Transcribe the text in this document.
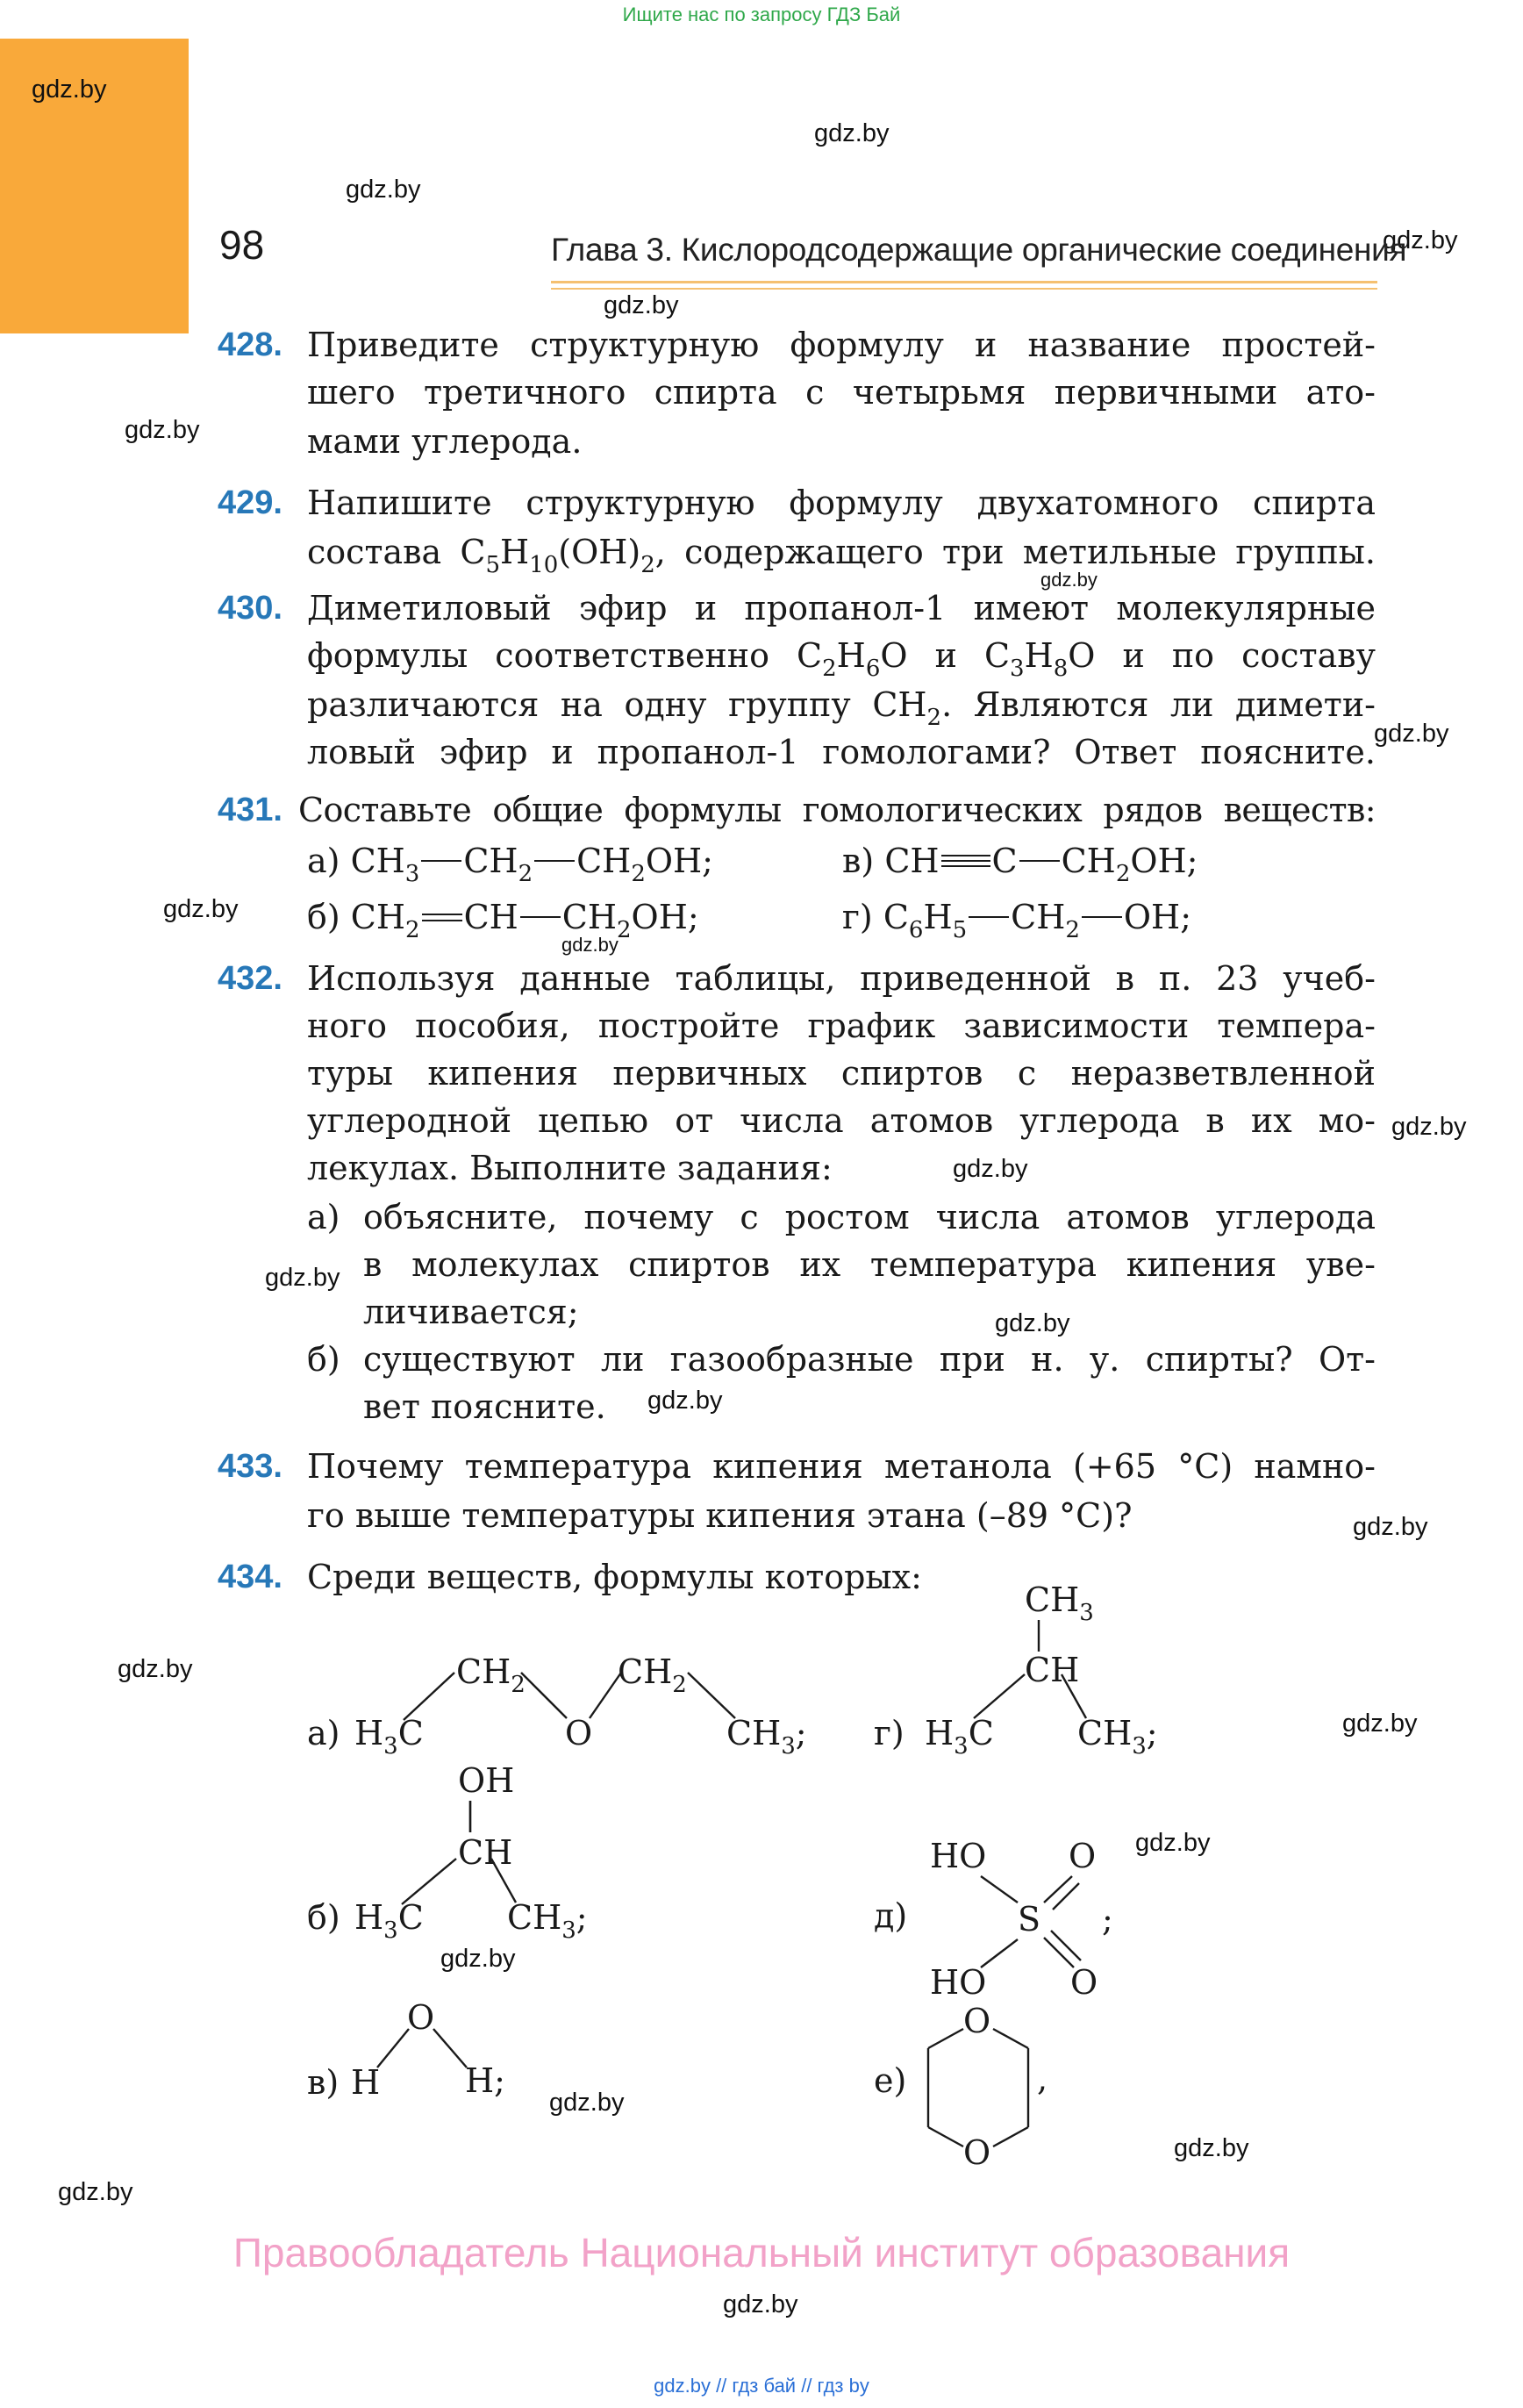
Ищите нас по запросу ГДЗ Бай
gdz.by
gdz.by
gdz.by
gdz.by
gdz.by
gdz.by
gdz.by
gdz.by
gdz.by
gdz.by
gdz.by
gdz.by
gdz.by
gdz.by
gdz.by
gdz.by
gdz.by
gdz.by
gdz.by
gdz.by
gdz.by
gdz.by
gdz.by
gdz.by
98	Глава 3. Кислородсодержащие органические соединения
428. Приведите структурную формулу и название простей-
шего третичного спирта с четырьмя первичными ато-
мами углерода.
429. Напишите структурную формулу двухатомного спирта
состава $C_5H_{10}(OH)_2$, содержащего три метильные группы.
430. Диметиловый эфир и пропанол-1 имеют молекулярные
формулы соответственно $C_2H_6O$ и $C_3H_8O$ и по составу
различаются на одну группу $CH_2$. Являются ли димети-
ловый эфир и пропанол-1 гомологами? Ответ поясните.
431. Составьте общие формулы гомологических рядов веществ:
а) $CH_3$ $CH_2$ $CH_2OH$;	в) CH C $CH_2OH$;
б) $CH_2$ CH $CH_2OH$;	г) $C_6H_5$ $CH_2$ OH;
432. Используя данные таблицы, приведенной в п. 23 учеб-
ного пособия, постройте график зависимости темпера-
туры кипения первичных спиртов с неразветвленной
углеродной цепью от числа атомов углерода в их мо-
лекулах. Выполните задания:
а) объясните, почему с ростом числа атомов углерода
в молекулах спиртов их температура кипения уве-
личивается;
б) существуют ли газообразные при н. у. спирты? От-
вет поясните.
433. Почему температура кипения метанола (+65 °C) намно-
го выше температуры кипения этана (–89 °C)?
434. Среди веществ, формулы которых:
а) $H_3C$
$CH_2$
O
$CH_2$
$CH_3$;
OH
CH
б) $H_3C$	$CH_3$;
в) H
O
H;
$CH_3$
CH
г) $H_3C$	$CH_3$;
д)
HO O
S
HO	O
;
е)
O
O
,
Правообладатель Национальный институт образования
gdz.by // гдз бай // гдз by
